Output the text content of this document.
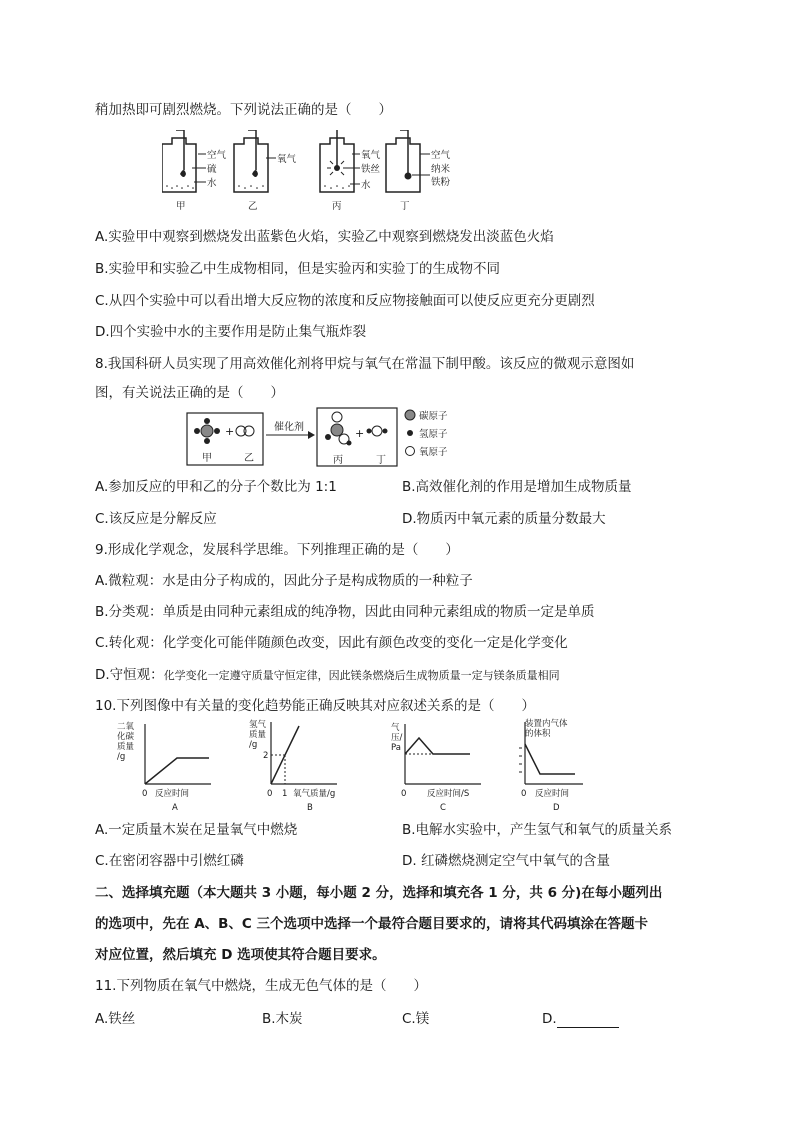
稍加热即可剧烈燃烧。下列说法正确的是（　　）
空气
硫
水
甲
氧气
乙
氧气
铁丝
水
丙
空气
纳米
铁粉
丁
A.实验甲中观察到燃烧发出蓝紫色火焰，实验乙中观察到燃烧发出淡蓝色火焰
B.实验甲和实验乙中生成物相同，但是实验丙和实验丁的生成物不同
C.从四个实验中可以看出增大反应物的浓度和反应物接触面可以使反应更充分更剧烈
D.四个实验中水的主要作用是防止集气瓶炸裂
8.我国科研人员实现了用高效催化剂将甲烷与氧气在常温下制甲酸。该反应的微观示意图如
图，有关说法正确的是（　　）
+
甲	乙
催化剂	+
丙	丁
碳原子
氢原子
氧原子
A.参加反应的甲和乙的分子个数比为 1:1	B.高效催化剂的作用是增加生成物质量
C.该反应是分解反应	D.物质丙中氧元素的质量分数最大
9.形成化学观念，发展科学思维。下列推理正确的是（　　）
A.微粒观：水是由分子构成的，因此分子是构成物质的一种粒子
B.分类观：单质是由同种元素组成的纯净物，因此由同种元素组成的物质一定是单质
C.转化观：化学变化可能伴随颜色改变，因此有颜色改变的变化一定是化学变化
D.守恒观：化学变化一定遵守质量守恒定律，因此镁条燃烧后生成物质量一定与镁条质量相同
10.下列图像中有关量的变化趋势能正确反映其对应叙述关系的是（　　）
二氧
化碳
质量
/g
0 反应时间
A
氢气
质量
/g
2
0 1 氧气质量/g
B
气
压/
Pa
0 反应时间/S
C
装置内气体
的体积
0 反应时间
D
A.一定质量木炭在足量氧气中燃烧	B.电解水实验中，产生氢气和氧气的质量关系
C.在密闭容器中引燃红磷	D. 红磷燃烧测定空气中氧气的含量
二、选择填充题（本大题共 3 小题，每小题 2 分，选择和填充各 1 分，共 6 分)在每小题列出
的选项中，先在 A、B、C 三个选项中选择一个最符合题目要求的，请将其代码填涂在答题卡
对应位置，然后填充 D 选项使其符合题目要求。
11.下列物质在氧气中燃烧，生成无色气体的是（　　）
A.铁丝	B.木炭	C.镁	D.
